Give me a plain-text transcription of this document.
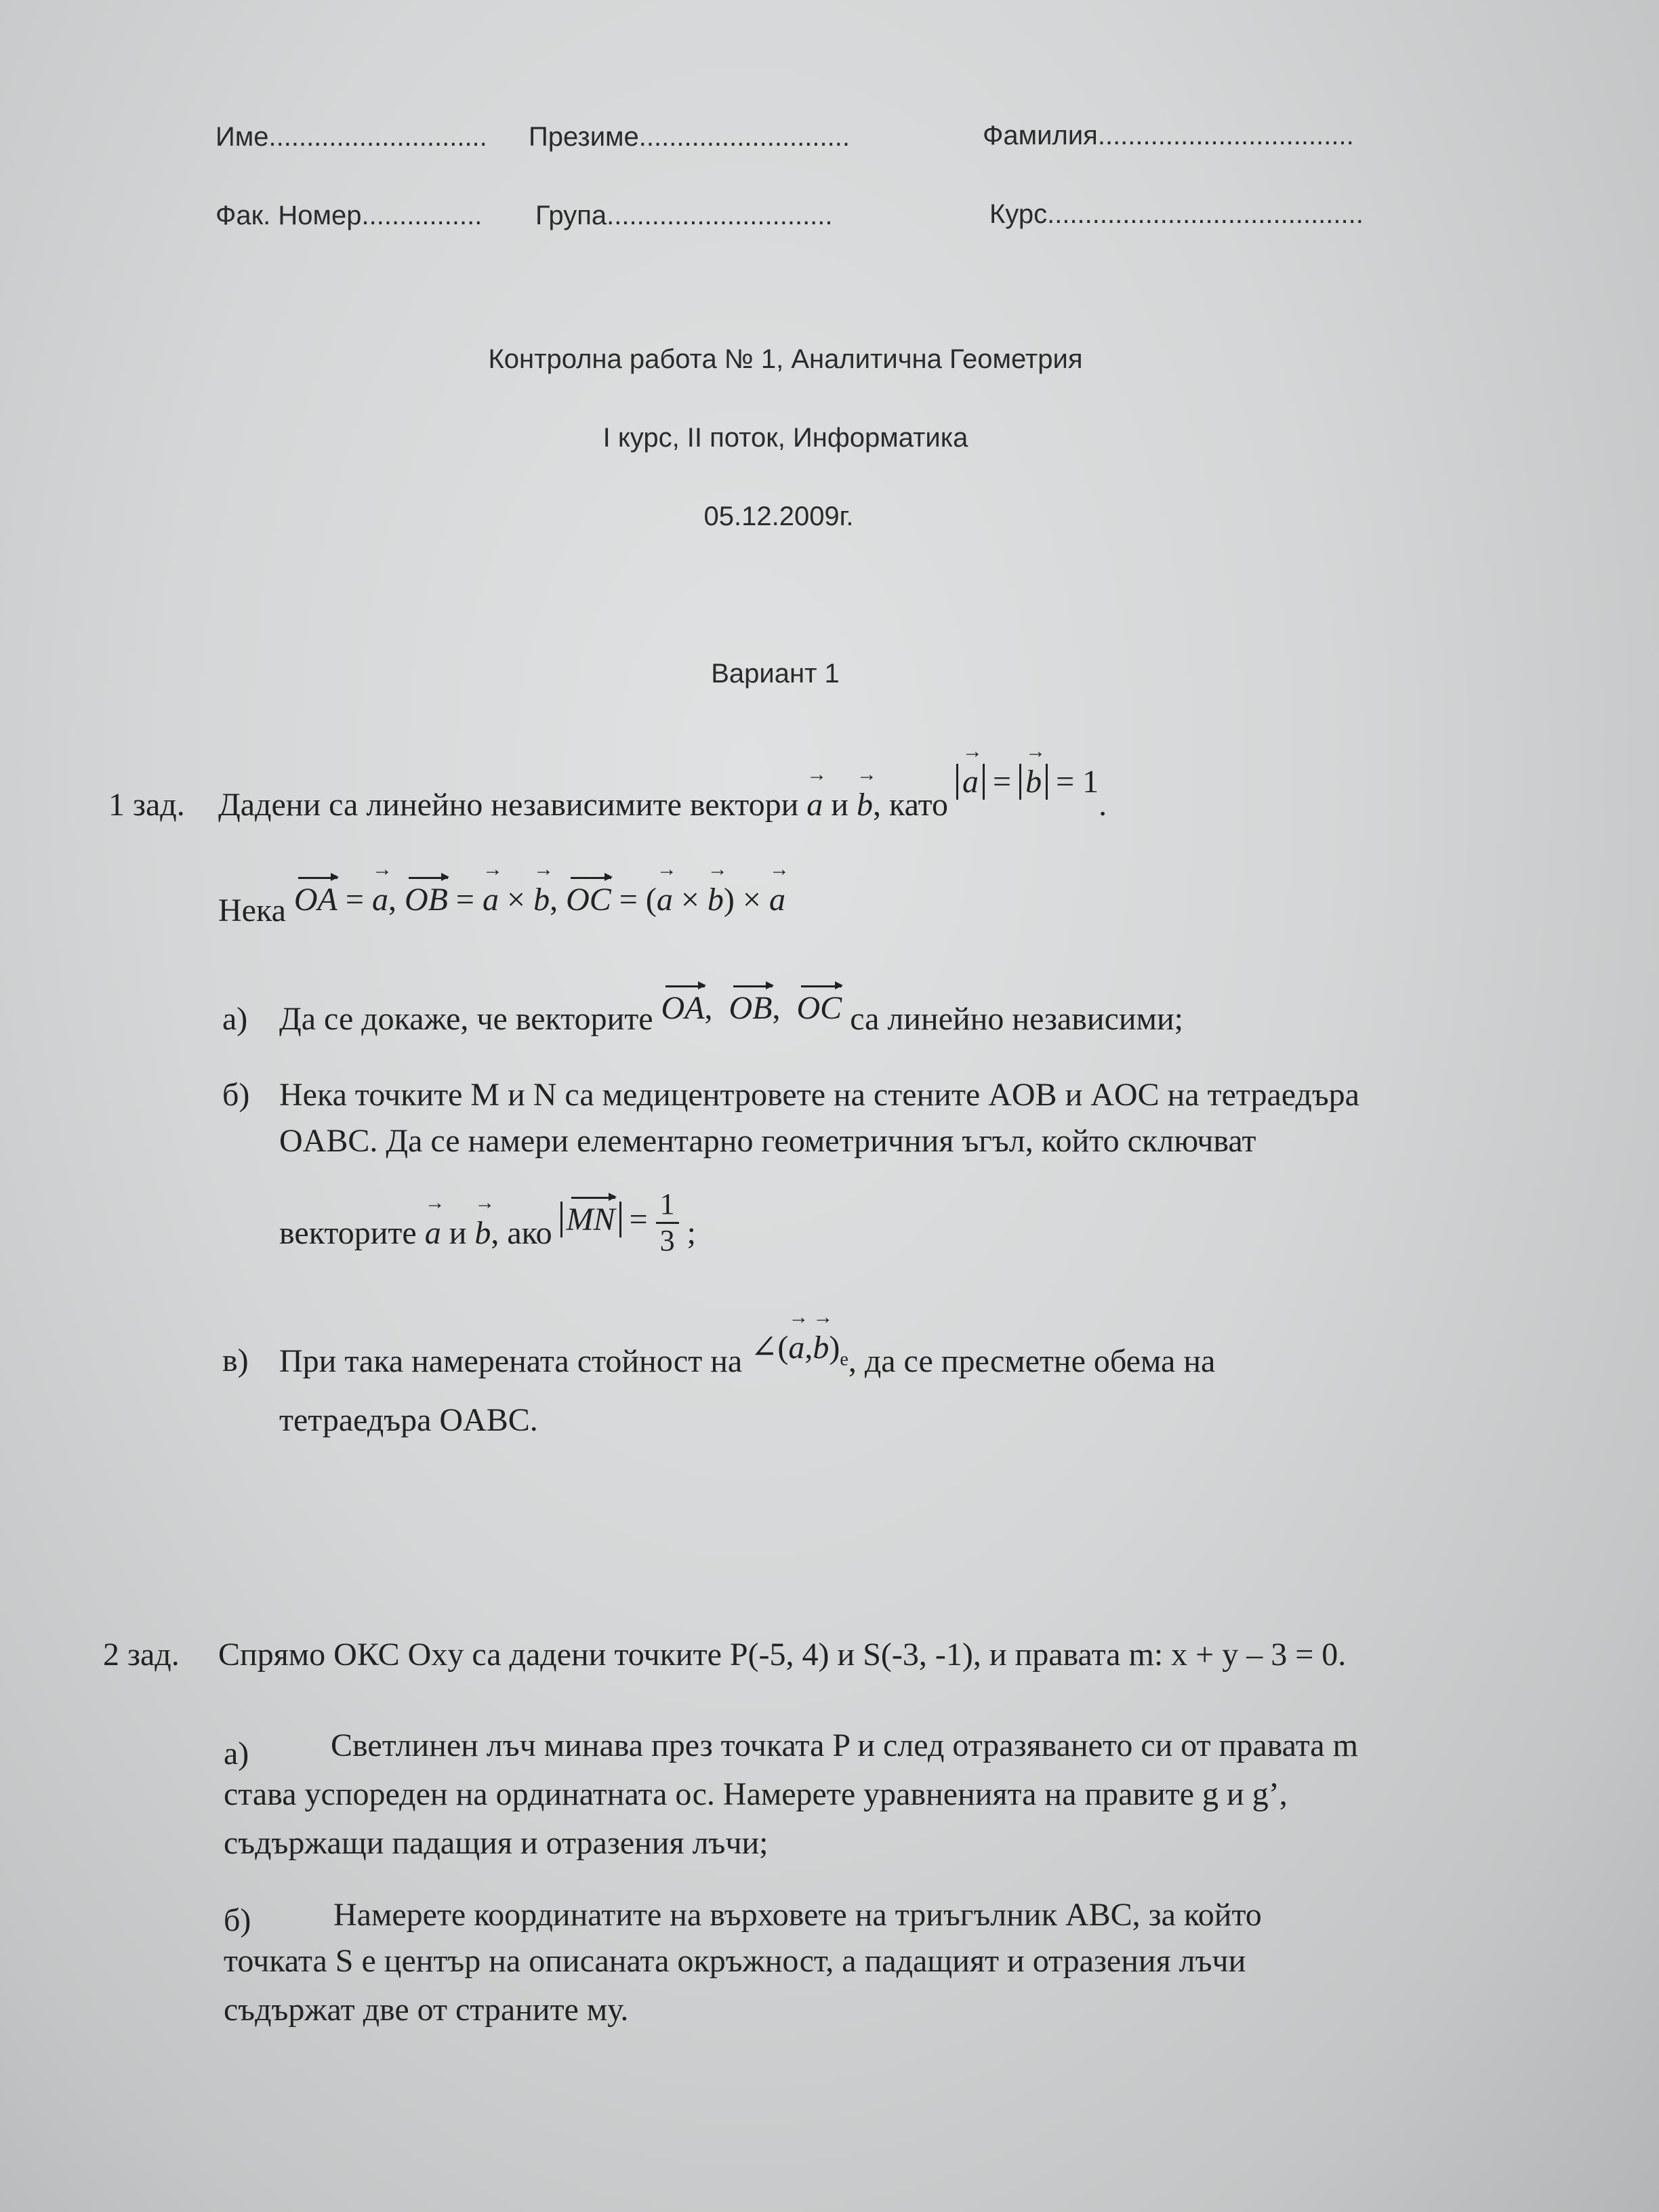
Име............................. Презиме............................	Фамилия..................................
Фак. Номер................ Група..............................	Курс..........................................
Контролна работа № 1, Аналитична Геометрия
I курс, II поток, Информатика
05.12.2009г.
Вариант 1
1 зад. Дадени са линейно независимите вектори → a и → b, като → a = → b = 1.
Нека OA = → a, OB = → a × → b, OC = (→ a × → b) × → a
а) Да се докаже, че векторите OA,  OB,  OC са линейно независими;
б) Нека точките M и N са медицентровете на стените AOB и AOC на тетраедъра
OABC. Да се намери елементарно геометричния ъгъл, който сключват
векторите → a и → b, ако MN = $\frac{1}{3}$ ;
в) При така намерената стойност на ∠(→ $a,\to b)_e$, да се пресметне обема на
тетраедъра OABC.
2 зад. Спрямо ОКС Oxy са дадени точките P(-5, 4) и S(-3, -1), и правата m: x + y – 3 = 0.
а)	Светлинен лъч минава през точката P и след отразяването си от правата m
става успореден на ординатната ос. Намерете уравненията на правите g и g’,
съдържащи падащия и отразения лъчи;
б)	Намерете координатите на върховете на триъгълник ABC, за който
точката S е център на описаната окръжност, а падащият и отразения лъчи
съдържат две от страните му.
